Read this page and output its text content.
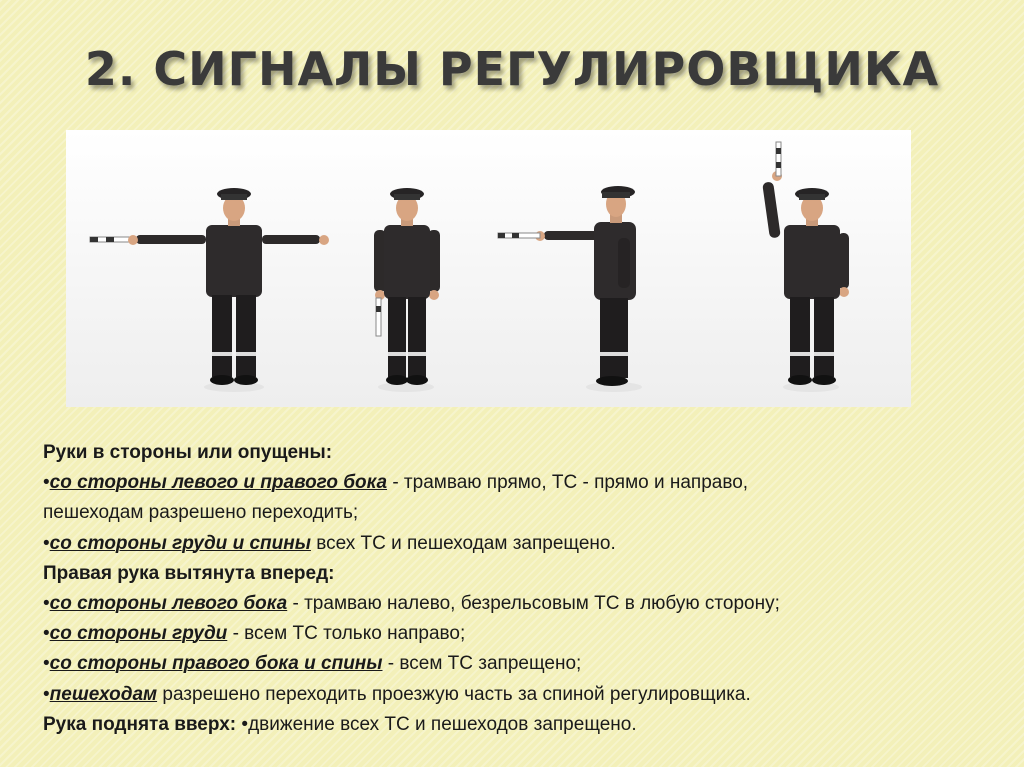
2. СИГНАЛЫ РЕГУЛИРОВЩИКА
Руки в стороны или опущены:
•со стороны левого и правого бока - трамваю прямо, ТС - прямо и направо,
пешеходам разрешено переходить;
•со стороны груди и спины всех ТС и пешеходам запрещено.
Правая рука вытянута вперед:
•со стороны левого бока - трамваю налево, безрельсовым ТС в любую сторону;
•со стороны груди - всем ТС только направо;
•со стороны правого бока и спины - всем ТС запрещено;
•пешеходам разрешено переходить проезжую часть за спиной регулировщика.
Рука поднята вверх: •движение всех ТС и пешеходов запрещено.
